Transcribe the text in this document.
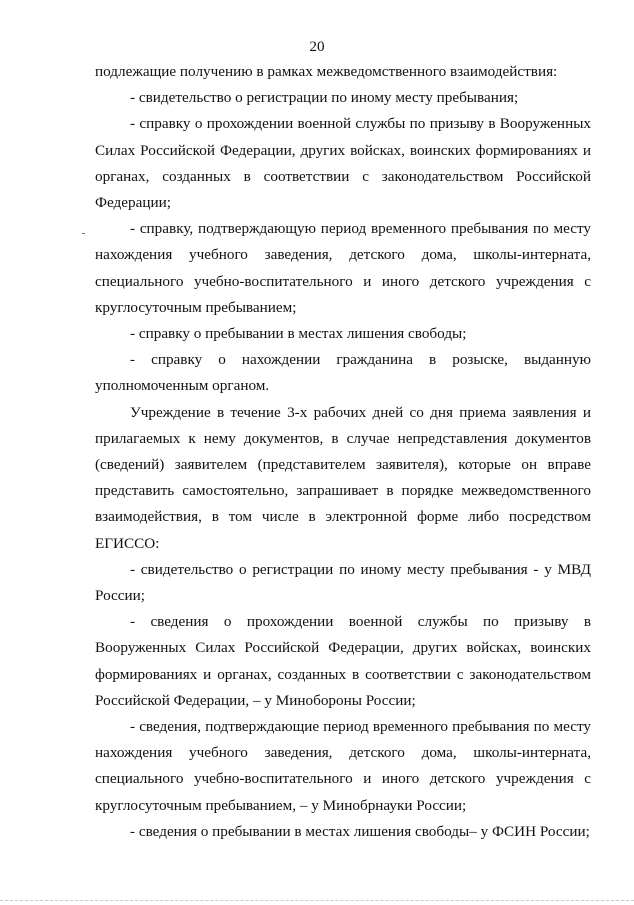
20

подлежащие получению в рамках межведомственного взаимодействия:

- свидетельство о регистрации по иному месту пребывания;

- справку о прохождении военной службы по призыву в Вооруженных Силах Российской Федерации, других войсках, воинских формированиях и органах, созданных в соответствии с законодательством Российской Федерации;

- справку, подтверждающую период временного пребывания по месту нахождения учебного заведения, детского дома, школы-интерната, специального учебно-воспитательного и иного детского учреждения с круглосуточным пребыванием;

- справку о пребывании в местах лишения свободы;

- справку о нахождении гражданина в розыске, выданную уполномоченным органом.

Учреждение в течение 3-х рабочих дней со дня приема заявления и прилагаемых к нему документов, в случае непредставления документов (сведений) заявителем (представителем заявителя), которые он вправе представить самостоятельно, запрашивает в порядке межведомственного взаимодействия, в том числе в электронной форме либо посредством ЕГИССО:

- свидетельство о регистрации по иному месту пребывания - у МВД России;

- сведения о прохождении военной службы по призыву в Вооруженных Силах Российской Федерации, других войсках, воинских формированиях и органах, созданных в соответствии с законодательством Российской Федерации, – у Минобороны России;

- сведения, подтверждающие период временного пребывания по месту нахождения учебного заведения, детского дома, школы-интерната, специального учебно-воспитательного и иного детского учреждения с круглосуточным пребыванием, – у Минобрнауки России;

- сведения о пребывании в местах лишения свободы– у ФСИН России;
